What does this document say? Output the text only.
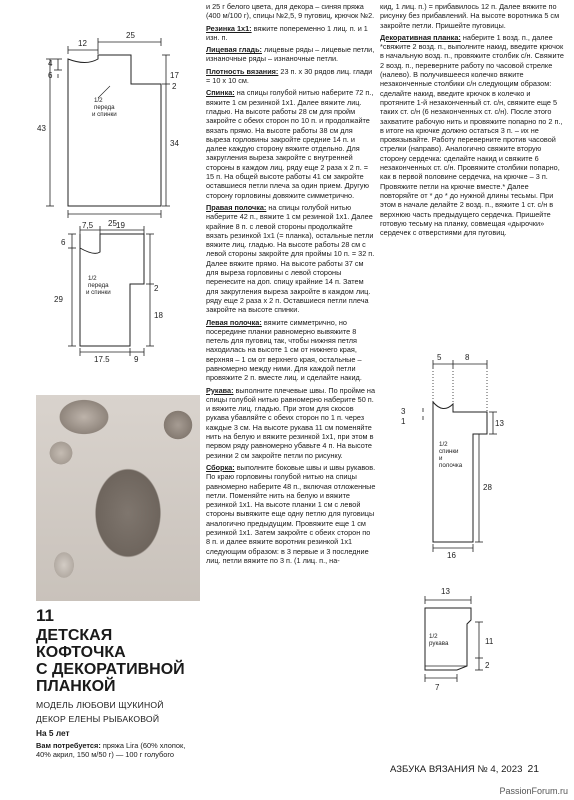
12
25
4
6
43
17
2
34
25
1/2
переда
и спинки
7,5	19
6
29
2
18
17,5	9
1/2
переда
и спинки
11
ДЕТСКАЯ КОФТОЧКА
С ДЕКОРАТИВНОЙ
ПЛАНКОЙ
МОДЕЛЬ ЛЮБОВИ ЩУКИНОЙ
ДЕКОР ЕЛЕНЫ РЫБАКОВОЙ
На 5 лет
Вам потребуется: пряжа Lira (60% хлопок, 40% акрил, 150 м/50 г) — 100 г голубого

и 25 г белого цвета, для декора – синяя пряжа (400 м/100 г), спицы №2,5, 9 пуговиц, крючок №2.

Резинка 1х1: вяжите попеременно 1 лиц. п. и 1 изн. п.

Лицевая гладь: лицевые ряды – лицевые петли, изнаночные ряды – изнаночные петли.

Плотность вязания: 23 п. х 30 рядов лиц. глади = 10 х 10 см.

Спинка: на спицы голубой нитью наберите 72 п., вяжите 1 см резинкой 1х1. Далее вяжите лиц. гладью. На высоте работы 28 см для пройм закройте с обеих сторон по 10 п. и продолжайте вязать прямо. На высоте работы 38 см для выреза горловины закройте средние 14 п. и далее каждую сторону вяжите отдельно. Для закругления выреза закройте с внутренней стороны в каждом лиц. ряду еще 2 раза х 2 п. = 15 п. На общей высоте работы 41 см закройте оставшиеся петли плеча за один прием. Другую сторону горловины довяжите симметрично.

Правая полочка: на спицы голубой нитью наберите 42 п., вяжите 1 см резинкой 1х1. Далее крайние 8 п. с левой стороны продолжайте вязать резинкой 1х1 (= планка), остальные петли вяжите лиц. гладью. На высоте работы 28 см с левой стороны закройте для проймы 10 п. = 32 п. Далее вяжите прямо. На высоте работы 37 см для выреза горловины с левой стороны перенесите на доп. спицу крайние 14 п. Затем для закругления выреза закройте в каждом лиц. ряду еще 2 раза х 2 п. Оставшиеся петли плеча закройте на высоте спинки.

Левая полочка: вяжите симметрично, но посередине планки равномерно вывяжите 8 петель для пуговиц так, чтобы нижняя петля находилась на высоте 1 см от нижнего края, верхняя – 1 см от верхнего края, остальные – равномерно между ними. Для каждой петли провяжите 2 п. вместе лиц. и сделайте накид.

Рукава: выполните плечевые швы. По пройме на спицы голубой нитью равномерно наберите 50 п. и вяжите лиц. гладью. При этом для скосов рукава убавляйте с обеих сторон по 1 п. через каждые 3 см. На высоте рукава 11 см поменяйте нить на белую и вяжите резинкой 1х1, при этом в первом ряду равномерно убавьте 4 п. На высоте резинки 2 см закройте петли по рисунку.

Сборка: выполните боковые швы и швы рукавов. По краю горловины голубой нитью на спицы равномерно наберите 48 п., включая отложенные петли. Поменяйте нить на белую и вяжите резинкой 1х1. На высоте планки 1 см с левой стороны вывяжите еще одну петлю для пуговицы аналогично предыдущим. Провяжите еще 1 см резинкой 1х1. Затем закройте с обеих сторон по 8 п. и далее вяжите воротник резинкой 1х1 следующим образом: в 3 первые и 3 последние лиц. петли вяжите по 3 п. (1 лиц. п., на-

кид, 1 лиц. п.) = прибавилось 12 п. Далее вяжите по рисунку без прибавлений. На высоте воротника 5 см закройте петли. Пришейте пуговицы.

Декоративная планка: наберите 1 возд. п., далее *свяжите 2 возд. п., выполните накид, введите крючок в начальную возд. п., провяжите столбик с/н. Свяжите 2 возд. п., переверните работу по часовой стрелке (налево). В получившееся колечко вяжите незаконченные столбики с/н следующим образом: сделайте накид, введите крючок в колечко и протяните 1-й незаконченный ст. с/н, свяжите еще 5 таких ст. с/н (6 незаконченных ст. с/н). После этого захватите рабочую нить и провяжите попарно по 2 п., в итоге на крючке должно остаться 3 п. – их не провязывайте. Работу переверните против часовой стрелки (направо). Аналогично свяжите вторую сторону сердечка: сделайте накид и свяжите 6 незаконченных ст. с/н. Провяжите столбики попарно, как в первой половине сердечка, на крючке – 3 п. Провяжите петли на крючке вместе.* Далее повторяйте от * до * до нужной длины тесьмы. При этом в начале делайте 2 возд. п., вяжите 1 ст. с/н в верхнюю часть предыдущего сердечка. Пришейте готовую тесьму на планку, совмещая «дырочки» сердечек с отверстиями для пуговиц.

5	8
3
1	13
28
16
1/2
спинки
и
полочка
13
11
2
7
1/2
рукава
АЗБУКА ВЯЗАНИЯ № 4, 2023 21
PassionForum.ru
